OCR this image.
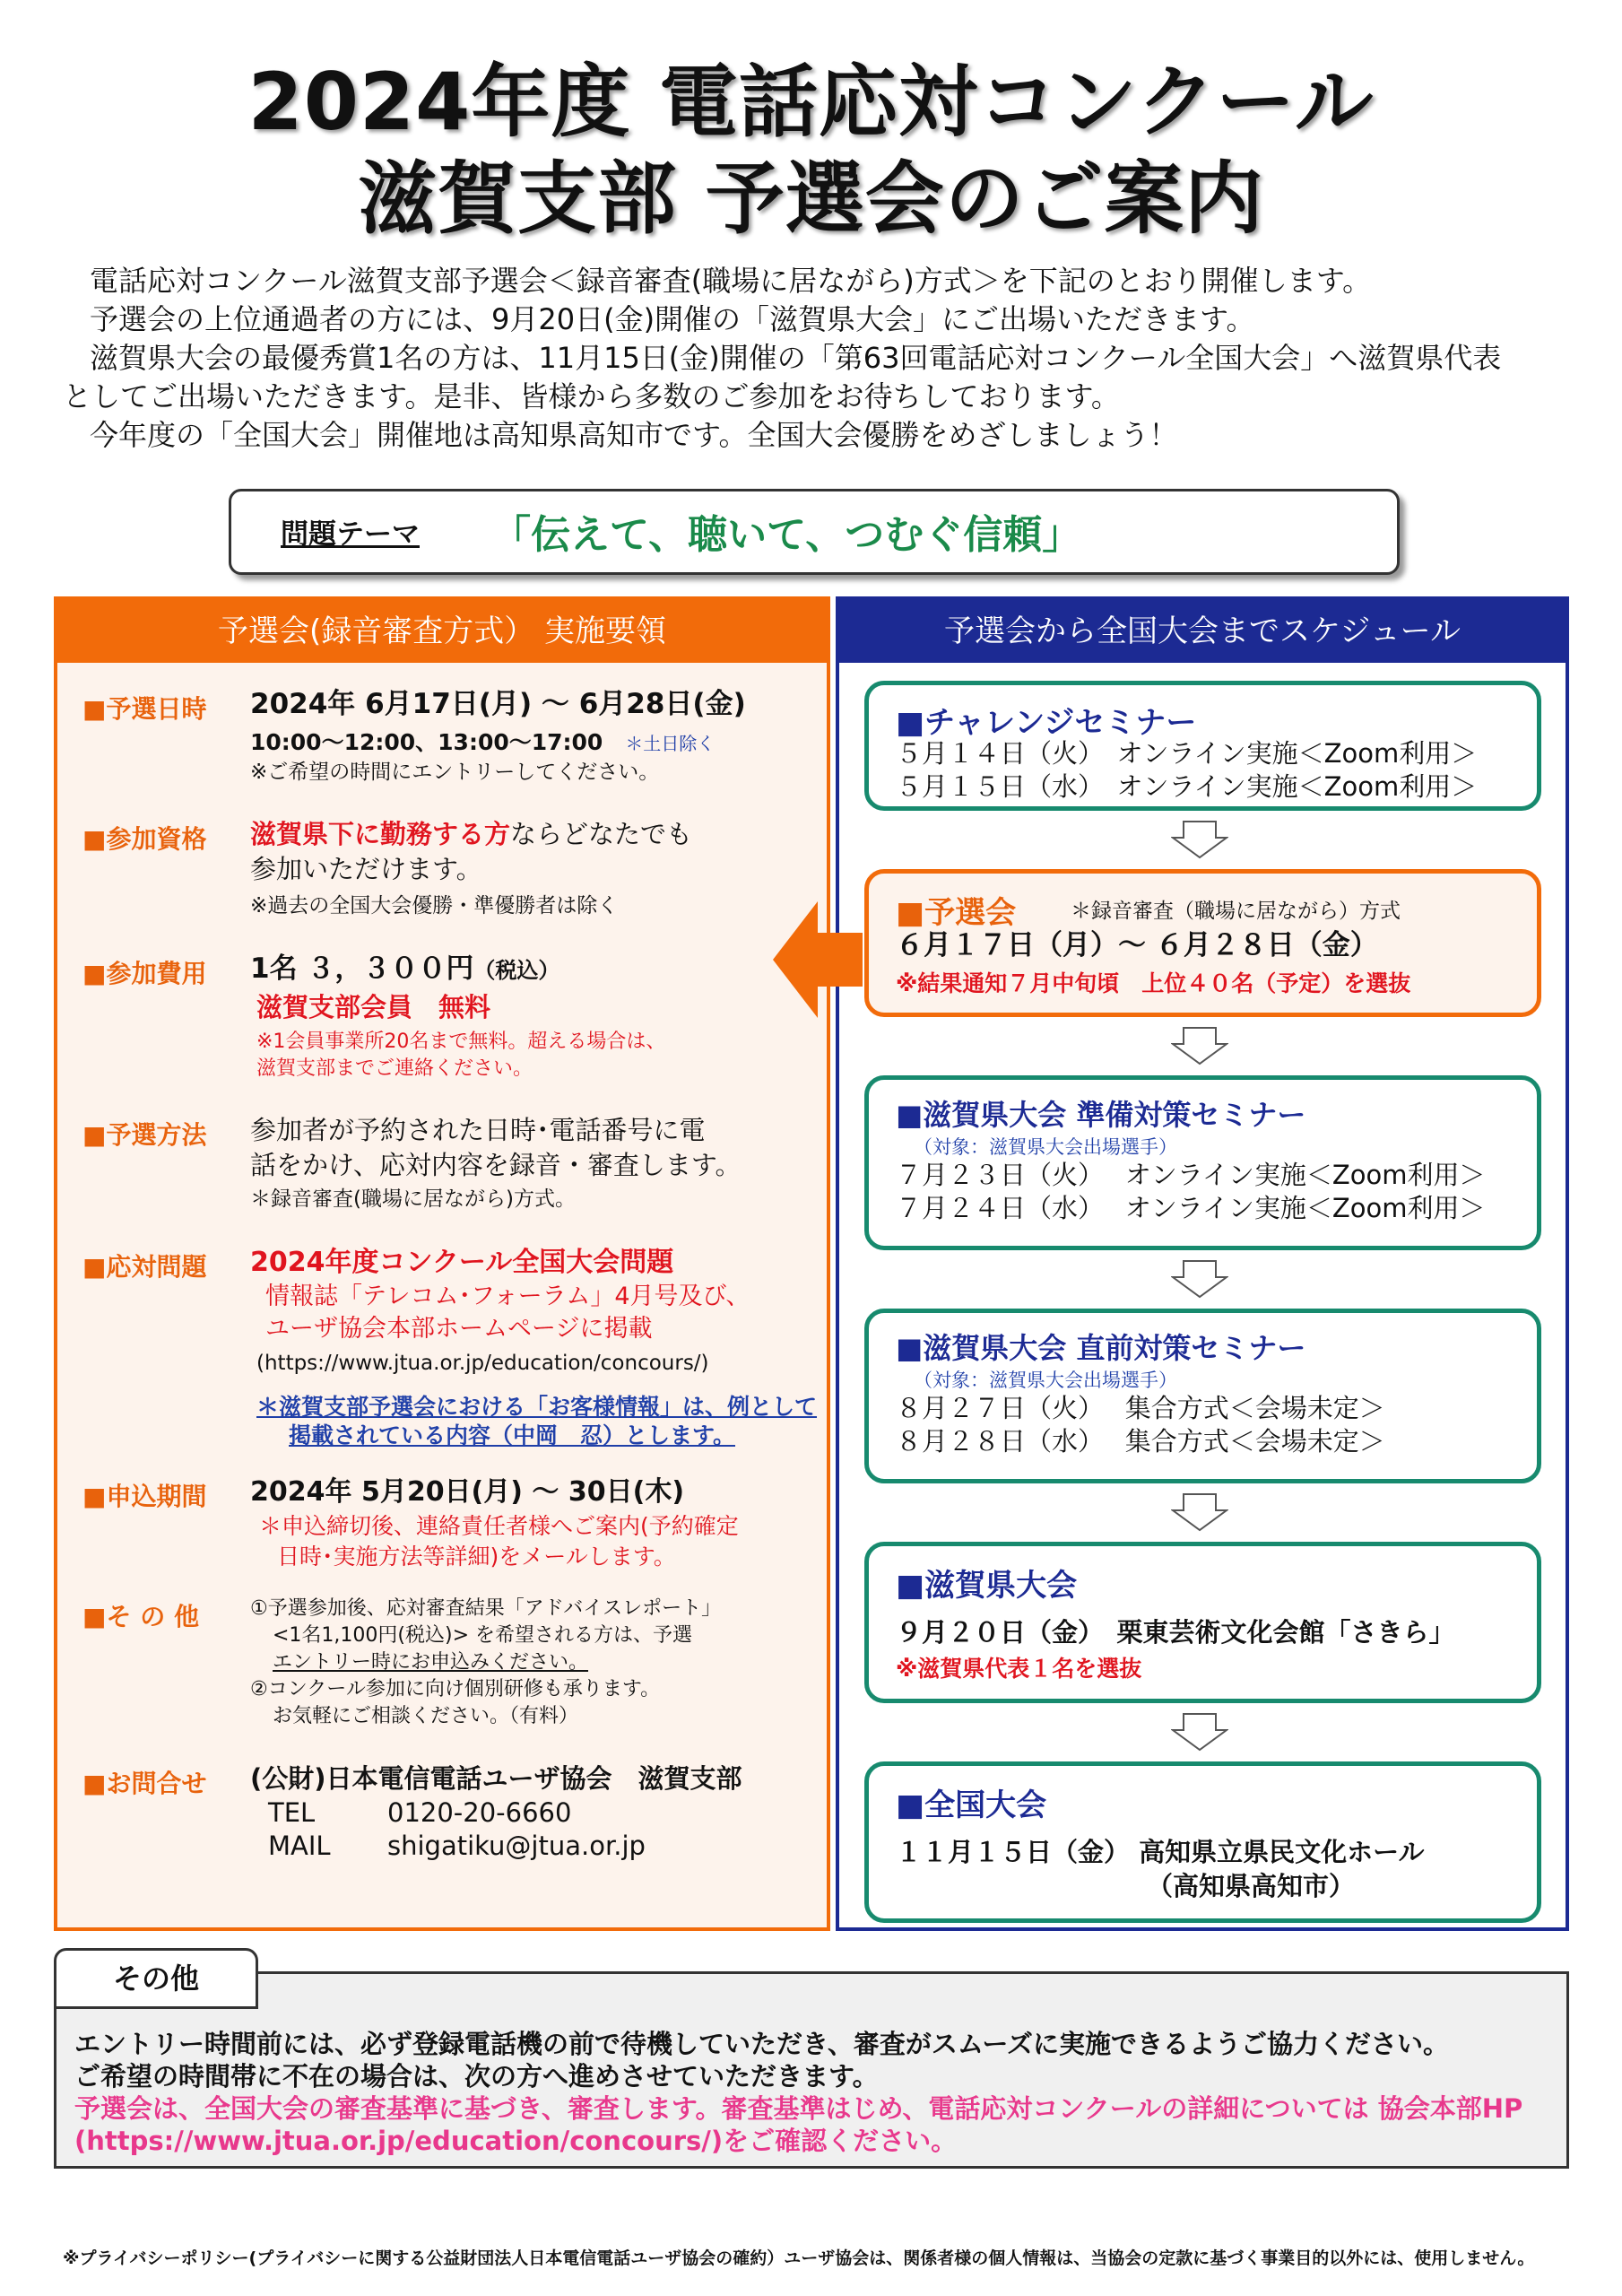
2024年度 電話応対コンクール
滋賀支部 予選会のご案内

電話応対コンクール滋賀支部予選会＜録音審査(職場に居ながら)方式＞を下記のとおり開催します。

予選会の上位通過者の方には、9月20日(金)開催の「滋賀県大会」にご出場いただきます。

滋賀県大会の最優秀賞1名の方は、11月15日(金)開催の「第63回電話応対コンクール全国大会」へ滋賀県代表

としてご出場いただきます。是非、皆様から多数のご参加をお待ちしております。

今年度の「全国大会」開催地は高知県高知市です。全国大会優勝をめざしましょう！

問題テーマ 「伝えて、聴いて、つむぐ信頼」
予選会(録音審査方式） 実施要領
■予選日時 2024年 6月17日(月) ～ 6月28日(金)
10:00～12:00、13:00～17:00 ＊土日除く
※ご希望の時間にエントリーしてください。
■参加資格 滋賀県下に勤務する方ならどなたでも
参加いただけます。
※過去の全国大会優勝・準優勝者は除く
■参加費用 1名 ３，３００円（税込）
滋賀支部会員　無料
※1会員事業所20名まで無料。超える場合は、
滋賀支部までご連絡ください。
■予選方法 参加者が予約された日時･電話番号に電
話をかけ、応対内容を録音・審査します。
＊録音審査(職場に居ながら)方式。
■応対問題 2024年度コンクール全国大会問題
情報誌「テレコム･フォーラム」4月号及び、
ユーザ協会本部ホームページに掲載
(https://www.jtua.or.jp/education/concours/)
＊滋賀支部予選会における「お客様情報」は、例として
掲載されている内容（中岡　忍）とします。
■申込期間 2024年 5月20日(月) ～ 30日(木)
＊申込締切後、連絡責任者様へご案内(予約確定
日時･実施方法等詳細)をメールします。
■そ の 他	①予選参加後、応対審査結果「アドバイスレポート」
<1名1,100円(税込)> を希望される方は、予選
エントリー時にお申込みください。
②コンクール参加に向け個別研修も承ります。
お気軽にご相談ください。（有料）
■お問合せ (公財)日本電信電話ユーザ協会　滋賀支部
TEL	0120-20-6660
MAIL shigatiku@jtua.or.jp
予選会から全国大会までスケジュール
■チャレンジセミナー
５月１４日（火）　オンライン実施＜Zoom利用＞
５月１５日（水）　オンライン実施＜Zoom利用＞
■予選会	＊録音審査（職場に居ながら）方式
６月１７日（月）～ ６月２８日（金）
※結果通知７月中旬頃　上位４０名（予定）を選抜
■滋賀県大会 準備対策セミナー
（対象：滋賀県大会出場選手）
７月２３日（火）　 オンライン実施＜Zoom利用＞
７月２４日（水）　 オンライン実施＜Zoom利用＞
■滋賀県大会 直前対策セミナー
（対象：滋賀県大会出場選手）
８月２７日（火）　 集合方式＜会場未定＞
８月２８日（水）　 集合方式＜会場未定＞
■滋賀県大会
９月２０日（金）　栗東芸術文化会館「さきら」
※滋賀県代表１名を選抜
■全国大会
１１月１５日（金） 高知県立県民文化ホール
（高知県高知市）
その他
エントリー時間前には、必ず登録電話機の前で待機していただき、審査がスムーズに実施できるようご協力ください。
ご希望の時間帯に不在の場合は、次の方へ進めさせていただきます。
予選会は、全国大会の審査基準に基づき、審査します。審査基準はじめ、電話応対コンクールの詳細については 協会本部HP
(https://www.jtua.or.jp/education/concours/)をご確認ください。
※プライバシーポリシー(プライバシーに関する公益財団法人日本電信電話ユーザ協会の確約）ユーザ協会は、関係者様の個人情報は、当協会の定款に基づく事業目的以外には、使用しません。
